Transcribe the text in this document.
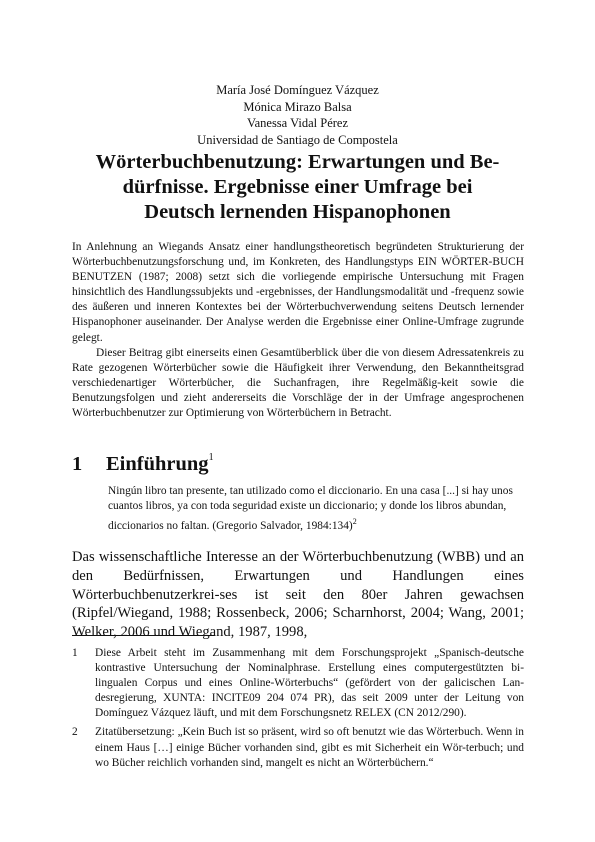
María José Domínguez Vázquez
Mónica Mirazo Balsa
Vanessa Vidal Pérez
Universidad de Santiago de Compostela
Wörterbuchbenutzung: Erwartungen und Be-
dürfnisse. Ergebnisse einer Umfrage bei
Deutsch lernenden Hispanophonen

In Anlehnung an Wiegands Ansatz einer handlungstheoretisch begründeten Strukturierung der Wörterbuchbenutzungsforschung und, im Konkreten, des Handlungstyps EIN WÖRTER-BUCH BENUTZEN (1987; 2008) setzt sich die vorliegende empirische Untersuchung mit Fragen hinsichtlich des Handlungssubjekts und -ergebnisses, der Handlungsmodalität und -frequenz sowie des äußeren und inneren Kontextes bei der Wörterbuchverwendung seitens Deutsch lernender Hispanophoner auseinander. Der Analyse werden die Ergebnisse einer Online-Umfrage zugrunde gelegt.

Dieser Beitrag gibt einerseits einen Gesamtüberblick über die von diesem Adressatenkreis zu Rate gezogenen Wörterbücher sowie die Häufigkeit ihrer Verwendung, den Bekanntheitsgrad verschiedenartiger Wörterbücher, die Suchanfragen, ihre Regelmäßig-keit sowie die Benutzungsfolgen und zieht andererseits die Vorschläge der in der Umfrage angesprochenen Wörterbuchbenutzer zur Optimierung von Wörterbüchern in Betracht.

1 Einführung$^1$
Ningún libro tan presente, tan utilizado como el diccionario. En una casa [...] si hay unos cuantos libros, ya con toda seguridad existe un diccionario; y donde los libros abundan, diccionarios no faltan. (Gregorio Salvador, 1984:134)$^2$
Das wissenschaftliche Interesse an der Wörterbuchbenutzung (WBB) und an den Bedürfnissen, Erwartungen und Handlungen eines Wörterbuchbenutzerkrei-ses ist seit den 80er Jahren gewachsen (Ripfel/Wiegand, 1988; Rossenbeck, 2006; Scharnhorst, 2004; Wang, 2001; Welker, 2006 und Wiegand, 1987, 1998,
1	Diese Arbeit steht im Zusammenhang mit dem Forschungsprojekt „Spanisch-deutsche kontrastive Untersuchung der Nominalphrase. Erstellung eines computergestützten bi-lingualen Corpus und eines Online-Wörterbuchs“ (gefördert von der galicischen Lan-desregierung, XUNTA: INCITE09 204 074 PR), das seit 2009 unter der Leitung von Domínguez Vázquez läuft, und mit dem Forschungsnetz RELEX (CN 2012/290).
2	Zitatübersetzung: „Kein Buch ist so präsent, wird so oft benutzt wie das Wörterbuch. Wenn in einem Haus […] einige Bücher vorhanden sind, gibt es mit Sicherheit ein Wör-terbuch; und wo Bücher reichlich vorhanden sind, mangelt es nicht an Wörterbüchern.“
